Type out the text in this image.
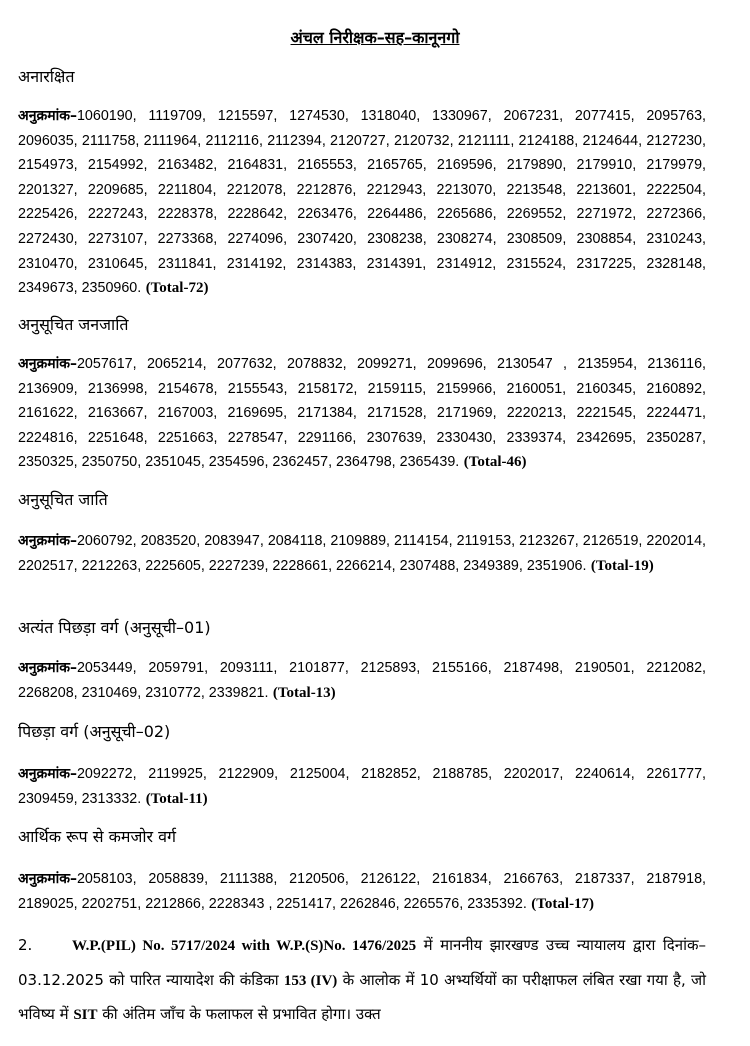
अंचल निरीक्षक–सह–कानूनगो
अनारक्षित
अनुक्रमांक–1060190, 1119709, 1215597, 1274530, 1318040, 1330967, 2067231, 2077415, 2095763, 2096035, 2111758, 2111964, 2112116, 2112394, 2120727, 2120732, 2121111, 2124188, 2124644, 2127230, 2154973, 2154992, 2163482, 2164831, 2165553, 2165765, 2169596, 2179890, 2179910, 2179979, 2201327, 2209685, 2211804, 2212078, 2212876, 2212943, 2213070, 2213548, 2213601, 2222504, 2225426, 2227243, 2228378, 2228642, 2263476, 2264486, 2265686, 2269552, 2271972, 2272366, 2272430, 2273107, 2273368, 2274096, 2307420, 2308238, 2308274, 2308509, 2308854, 2310243, 2310470, 2310645, 2311841, 2314192, 2314383, 2314391, 2314912, 2315524, 2317225, 2328148, 2349673, 2350960. (Total-72)
अनुसूचित जनजाति
अनुक्रमांक–2057617, 2065214, 2077632, 2078832, 2099271, 2099696, 2130547 , 2135954, 2136116, 2136909, 2136998, 2154678, 2155543, 2158172, 2159115, 2159966, 2160051, 2160345, 2160892, 2161622, 2163667, 2167003, 2169695, 2171384, 2171528, 2171969, 2220213, 2221545, 2224471, 2224816, 2251648, 2251663, 2278547, 2291166, 2307639, 2330430, 2339374, 2342695, 2350287, 2350325, 2350750, 2351045, 2354596, 2362457, 2364798, 2365439. (Total-46)
अनुसूचित जाति
अनुक्रमांक–2060792, 2083520, 2083947, 2084118, 2109889, 2114154, 2119153, 2123267, 2126519, 2202014, 2202517, 2212263, 2225605, 2227239, 2228661, 2266214, 2307488, 2349389, 2351906. (Total-19)
अत्यंत पिछड़ा वर्ग (अनुसूची–01)
अनुक्रमांक–2053449, 2059791, 2093111, 2101877, 2125893, 2155166, 2187498, 2190501, 2212082, 2268208, 2310469, 2310772, 2339821. (Total-13)
पिछड़ा वर्ग (अनुसूची–02)
अनुक्रमांक–2092272, 2119925, 2122909, 2125004, 2182852, 2188785, 2202017, 2240614, 2261777, 2309459, 2313332. (Total-11)
आर्थिक रूप से कमजोर वर्ग
अनुक्रमांक–2058103, 2058839, 2111388, 2120506, 2126122, 2161834, 2166763, 2187337, 2187918, 2189025, 2202751, 2212866, 2228343 , 2251417, 2262846, 2265576, 2335392. (Total-17)
2.	W.P.(PIL) No. 5717/2024 with W.P.(S)No. 1476/2025 में माननीय झारखण्ड उच्च न्यायालय द्वारा दिनांक–03.12.2025 को पारित न्यायादेश की कंडिका 153 (IV) के आलोक में 10 अभ्यर्थियों का परीक्षाफल लंबित रखा गया है, जो भविष्य में SIT की अंतिम जाँच के फलाफल से प्रभावित होगा। उक्त
